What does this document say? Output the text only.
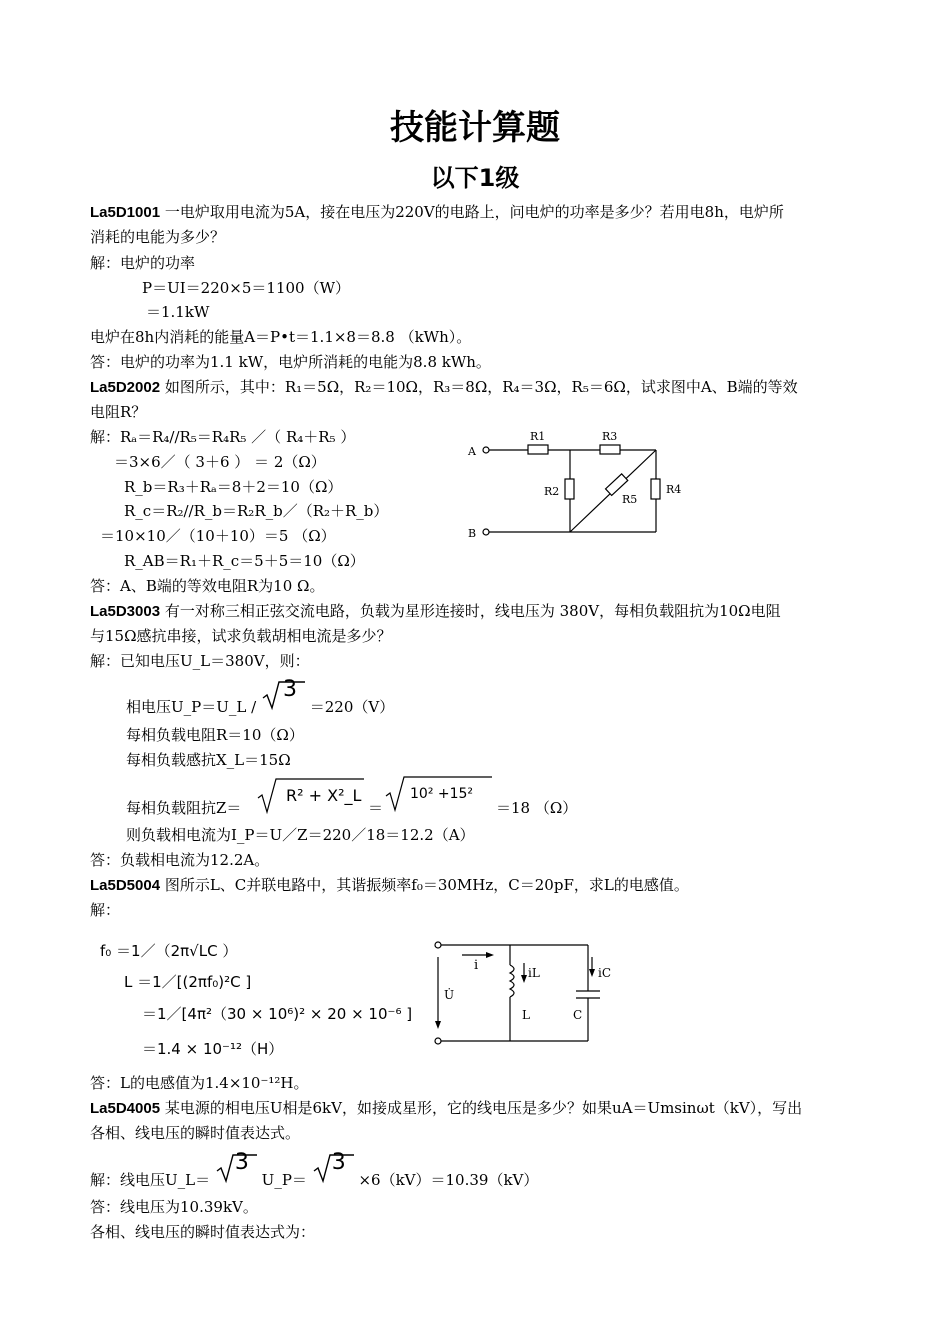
技能计算题
以下1级
La5D1001 一电炉取用电流为5A，接在电压为220V的电路上，问电炉的功率是多少？若用电8h，电炉所
消耗的电能为多少？
解：电炉的功率
P＝UI＝220×5＝1100（W）
＝1.1kW
电炉在8h内消耗的能量A＝P•t＝1.1×8＝8.8 （kWh）。
答：电炉的功率为1.1 kW，电炉所消耗的电能为8.8 kWh。
La5D2002 如图所示，其中：R₁＝5Ω，R₂＝10Ω，R₃＝8Ω，R₄＝3Ω，R₅＝6Ω，试求图中A、B端的等效
电阻R？
解：Rₐ＝R₄//R₅＝R₄R₅ ／（ R₄＋R₅ ）
＝3×6／（ 3＋6 ） ＝ 2（Ω）
R_b＝R₃＋Rₐ＝8＋2＝10（Ω）
R_c＝R₂//R_b＝R₂R_b／（R₂＋R_b）
＝10×10／（10＋10）＝5 （Ω）
R_AB＝R₁＋R_c＝5＋5＝10（Ω）
答：A、B端的等效电阻R为10 Ω。
A
B
R1	R3
R2	R4
R5
La5D3003 有一对称三相正弦交流电路，负载为星形连接时，线电压为 380V，每相负载阻抗为10Ω电阻
与15Ω感抗串接，试求负载胡相电流是多少？
解：已知电压U_L＝380V，则：
相电压U_P＝U_L /
3
＝220（V）
每相负载电阻R＝10（Ω）
每相负载感抗X_L＝15Ω
每相负载阻抗Z＝
R² + X²_L
＝
10² +15²
＝18 （Ω）
则负载相电流为I_P＝U／Z＝220／18＝12.2（A）
答：负载相电流为12.2A。
La5D5004 图所示L、C并联电路中，其谐振频率f₀＝30MHz，C＝20pF，求L的电感值。
解：
f₀ ＝1／（2π√LC ）
L ＝1／[(2πf₀)²C ]
＝1／[4π²（30 × 10⁶)² × 20 × 10⁻⁶ ]
＝1.4 × 10⁻¹²（H）
i
U̇
iL
L
iC
C
答：L的电感值为1.4×10⁻¹²H。
La5D4005 某电源的相电压U相是6kV，如接成星形，它的线电压是多少？如果uA＝Umsinωt（kV），写出
各相、线电压的瞬时值表达式。
解：线电压U_L＝
3
U_P＝
3
×6（kV）＝10.39（kV）
答：线电压为10.39kV。
各相、线电压的瞬时值表达式为：
